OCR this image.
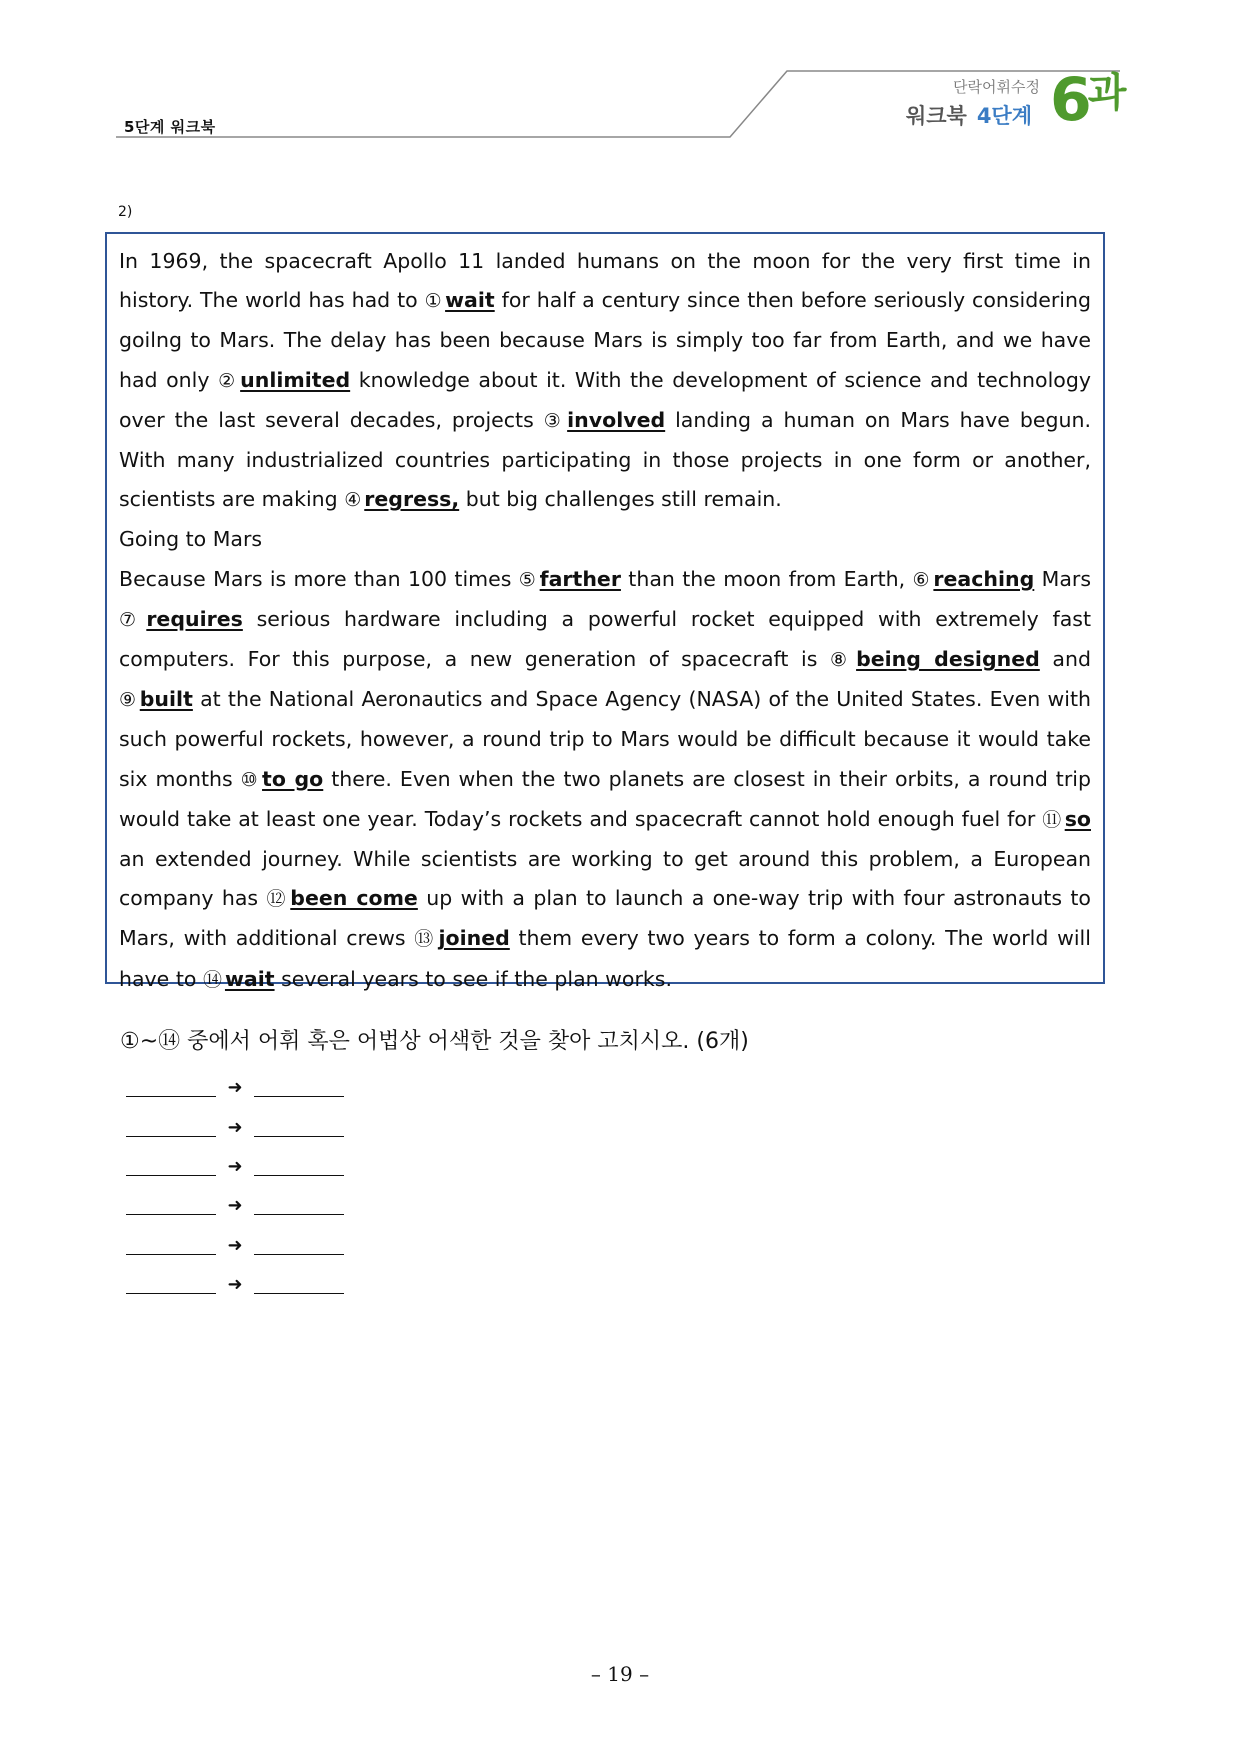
5단계 워크북
단락어휘수정
워크북 4단계 $6^과$
2)

In 1969, the spacecraft Apollo 11 landed humans on the moon for the very first time in history. The world has had to ① wait for half a century since then before seriously considering goilng to Mars. The delay has been because Mars is simply too far from Earth, and we have had only ② unlimited knowledge about it. With the development of science and technology over the last several decades, projects ③ involved landing a human on Mars have begun. With many industrialized countries participating in those projects in one form or another, scientists are making ④ regress, but big challenges still remain.

Going to Mars

Because Mars is more than 100 times ⑤ farther than the moon from Earth, ⑥ reaching Mars ⑦ requires serious hardware including a powerful rocket equipped with extremely fast computers. For this purpose, a new generation of spacecraft is ⑧ being designed and ⑨ built at the National Aeronautics and Space Agency (NASA) of the United States. Even with such powerful rockets, however, a round trip to Mars would be difficult because it would take six months ⑩ to go there. Even when the two planets are closest in their orbits, a round trip would take at least one year. Today’s rockets and spacecraft cannot hold enough fuel for ⑪ so an extended journey. While scientists are working to get around this problem, a European company has ⑫ been come up with a plan to launch a one-way trip with four astronauts to Mars, with additional crews ⑬ joined them every two years to form a colony. The world will have to ⑭ wait several years to see if the plan works.

①~⑭ 중에서 어휘 혹은 어법상 어색한 것을 찾아 고치시오. (6개)
➜
➜
➜
➜
➜
➜
– 19 –
